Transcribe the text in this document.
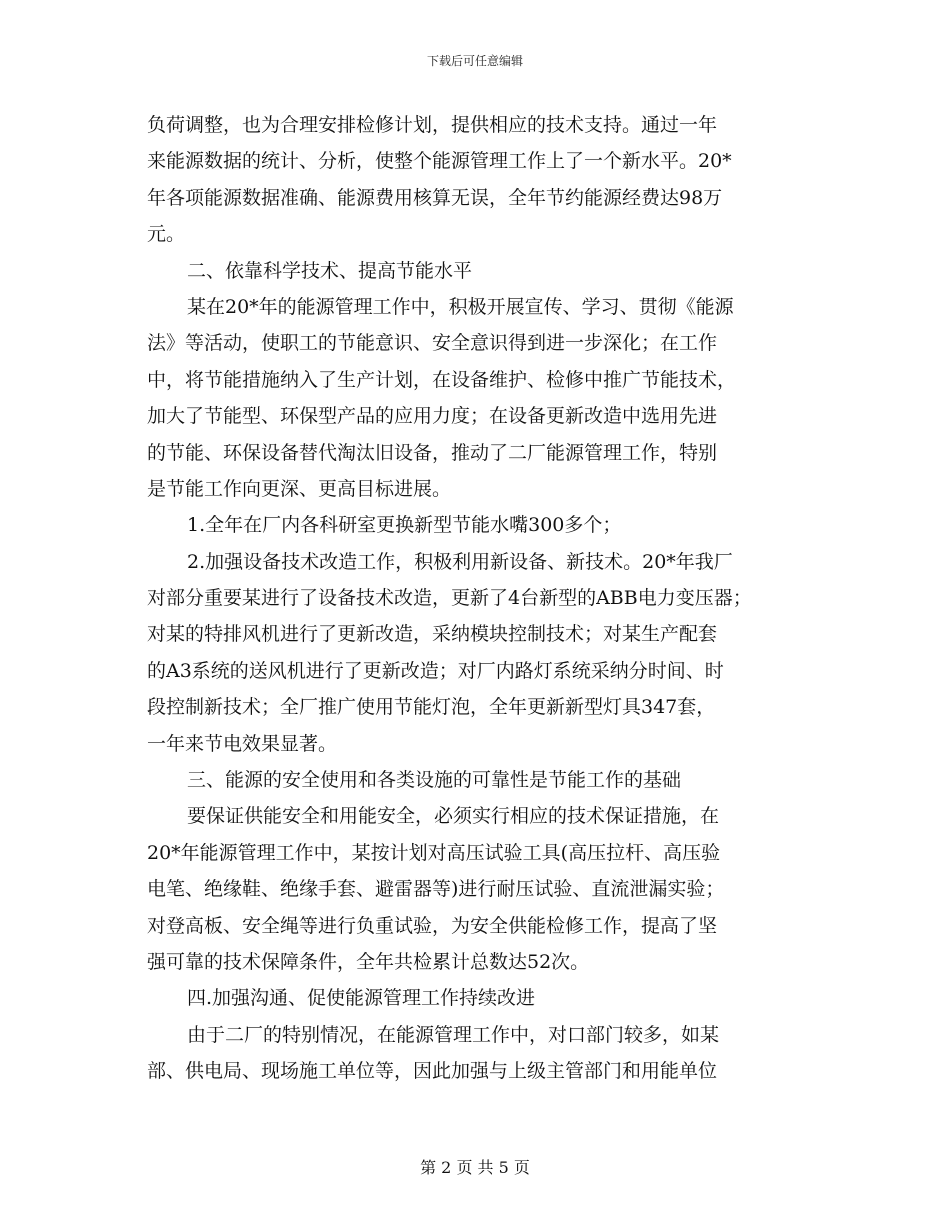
下载后可任意编辑
负荷调整，也为合理安排检修计划，提供相应的技术支持。通过一年
来能源数据的统计、分析，使整个能源管理工作上了一个新水平。20*
年各项能源数据准确、能源费用核算无误，全年节约能源经费达98万
元。
二、依靠科学技术、提高节能水平
某在20*年的能源管理工作中，积极开展宣传、学习、贯彻《能源
法》等活动，使职工的节能意识、安全意识得到进一步深化；在工作
中，将节能措施纳入了生产计划，在设备维护、检修中推广节能技术，
加大了节能型、环保型产品的应用力度；在设备更新改造中选用先进
的节能、环保设备替代淘汰旧设备，推动了二厂能源管理工作，特别
是节能工作向更深、更高目标进展。
1.全年在厂内各科研室更换新型节能水嘴300多个；
2.加强设备技术改造工作，积极利用新设备、新技术。20*年我厂
对部分重要某进行了设备技术改造，更新了4台新型的ABB电力变压器；
对某的特排风机进行了更新改造，采纳模块控制技术；对某生产配套
的A3系统的送风机进行了更新改造；对厂内路灯系统采纳分时间、时
段控制新技术；全厂推广使用节能灯泡，全年更新新型灯具347套，
一年来节电效果显著。
三、能源的安全使用和各类设施的可靠性是节能工作的基础
要保证供能安全和用能安全，必须实行相应的技术保证措施，在
20*年能源管理工作中，某按计划对高压试验工具(高压拉杆、高压验
电笔、绝缘鞋、绝缘手套、避雷器等)进行耐压试验、直流泄漏实验；
对登高板、安全绳等进行负重试验，为安全供能检修工作，提高了坚
强可靠的技术保障条件，全年共检累计总数达52次。
四.加强沟通、促使能源管理工作持续改进
由于二厂的特别情况，在能源管理工作中，对口部门较多，如某
部、供电局、现场施工单位等，因此加强与上级主管部门和用能单位
第 2 页 共 5 页
